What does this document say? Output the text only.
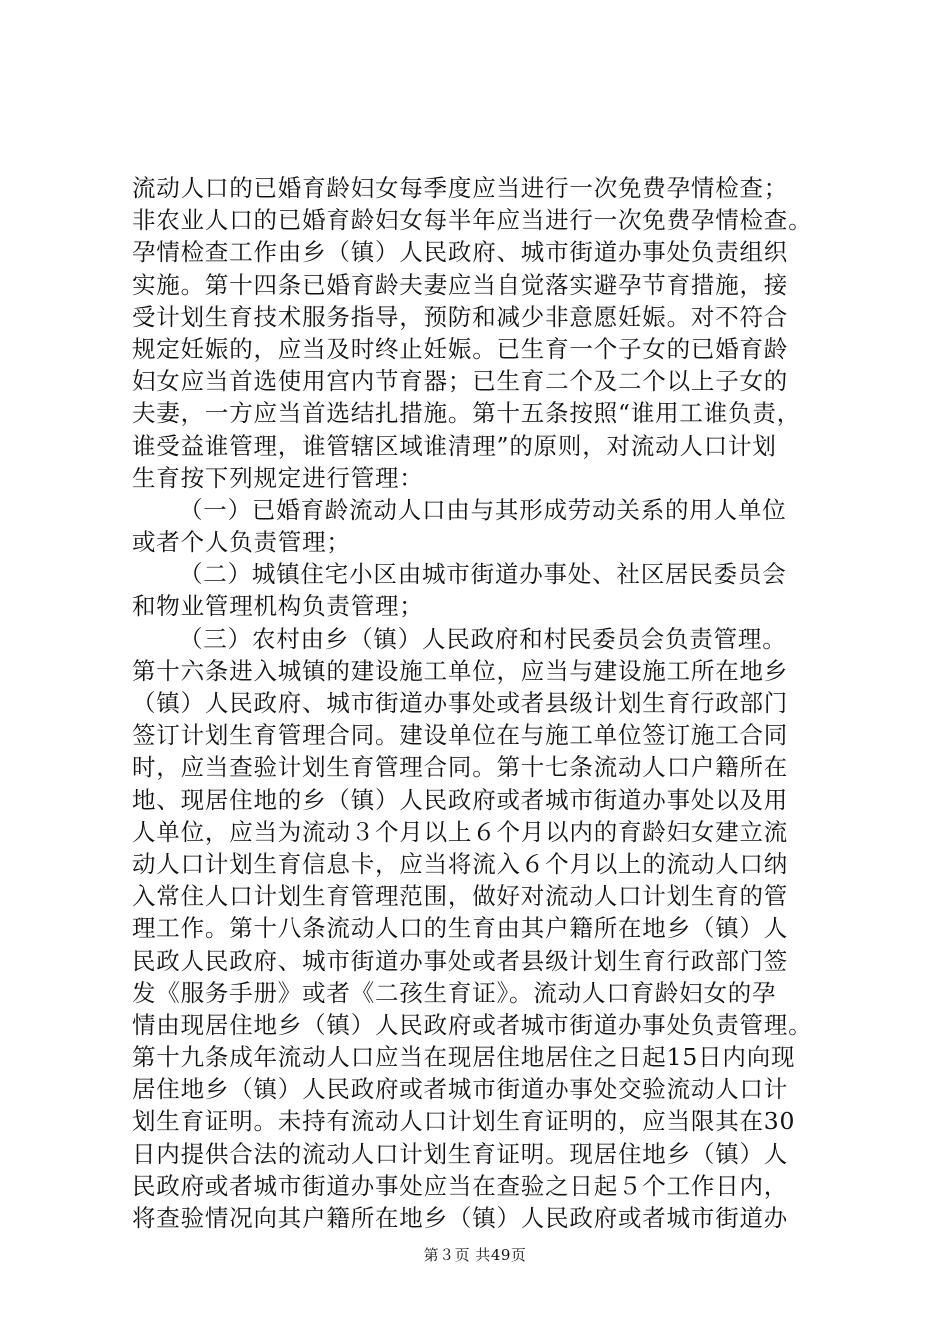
流动人口的已婚育龄妇女每季度应当进行一次免费孕情检查；
非农业人口的已婚育龄妇女每半年应当进行一次免费孕情检查。
孕情检查工作由乡（镇）人民政府、城市街道办事处负责组织
实施。第十四条已婚育龄夫妻应当自觉落实避孕节育措施，接
受计划生育技术服务指导，预防和减少非意愿妊娠。对不符合
规定妊娠的，应当及时终止妊娠。已生育一个子女的已婚育龄
妇女应当首选使用宫内节育器；已生育二个及二个以上子女的
夫妻，一方应当首选结扎措施。第十五条按照“谁用工谁负责，
谁受益谁管理，谁管辖区域谁清理”的原则，对流动人口计划
生育按下列规定进行管理：
（一）已婚育龄流动人口由与其形成劳动关系的用人单位
或者个人负责管理；
（二）城镇住宅小区由城市街道办事处、社区居民委员会
和物业管理机构负责管理；
（三）农村由乡（镇）人民政府和村民委员会负责管理。
第十六条进入城镇的建设施工单位，应当与建设施工所在地乡
（镇）人民政府、城市街道办事处或者县级计划生育行政部门
签订计划生育管理合同。建设单位在与施工单位签订施工合同
时，应当查验计划生育管理合同。第十七条流动人口户籍所在
地、现居住地的乡（镇）人民政府或者城市街道办事处以及用
人单位，应当为流动３个月以上６个月以内的育龄妇女建立流
动人口计划生育信息卡，应当将流入６个月以上的流动人口纳
入常住人口计划生育管理范围，做好对流动人口计划生育的管
理工作。第十八条流动人口的生育由其户籍所在地乡（镇）人
民政人民政府、城市街道办事处或者县级计划生育行政部门签
发《服务手册》或者《二孩生育证》。流动人口育龄妇女的孕
情由现居住地乡（镇）人民政府或者城市街道办事处负责管理。
第十九条成年流动人口应当在现居住地居住之日起15日内向现
居住地乡（镇）人民政府或者城市街道办事处交验流动人口计
划生育证明。未持有流动人口计划生育证明的，应当限其在30
日内提供合法的流动人口计划生育证明。现居住地乡（镇）人
民政府或者城市街道办事处应当在查验之日起５个工作日内，
将查验情况向其户籍所在地乡（镇）人民政府或者城市街道办
第３页 共49页
